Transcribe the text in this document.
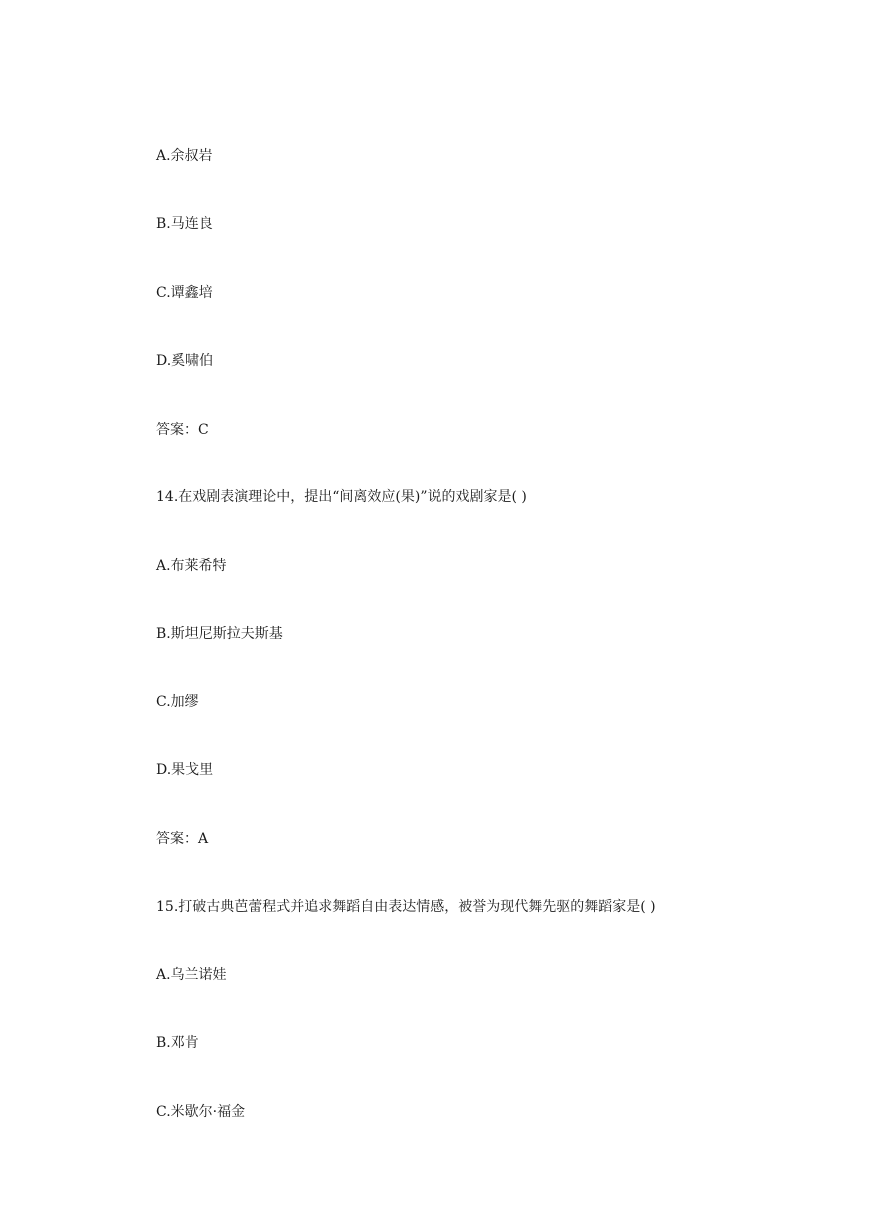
A.余叔岩

B.马连良

C.谭鑫培

D.奚啸伯

答案：C

14.在戏剧表演理论中，提出“间离效应(果)”说的戏剧家是( )

A.布莱希特

B.斯坦尼斯拉夫斯基

C.加缪

D.果戈里

答案：A

15.打破古典芭蕾程式并追求舞蹈自由表达情感，被誉为现代舞先驱的舞蹈家是( )

A.乌兰诺娃

B.邓肯

C.米歇尔·福金
